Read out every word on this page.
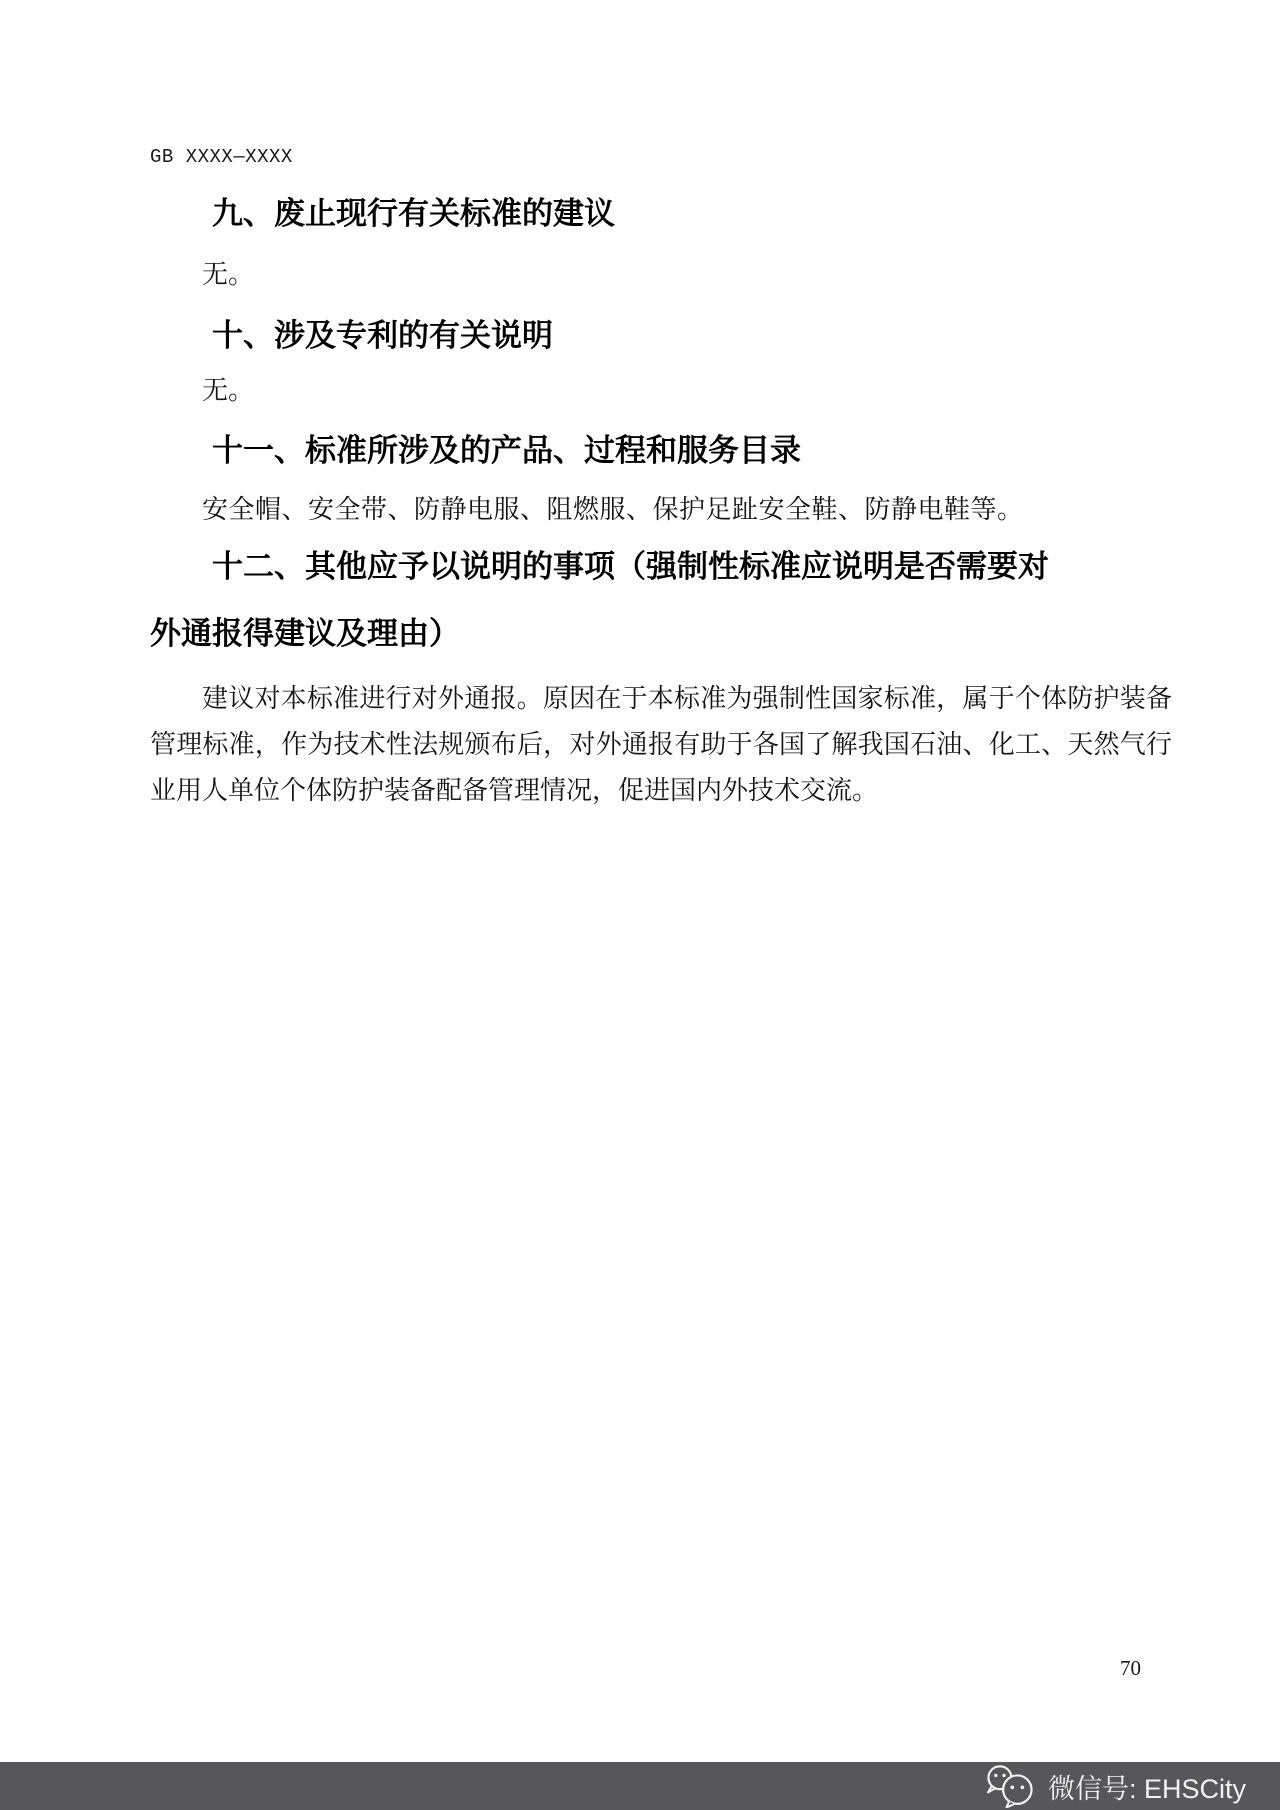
GB XXXX—XXXX
九、废止现行有关标准的建议

无。

十、涉及专利的有关说明

无。

十一、标准所涉及的产品、过程和服务目录

安全帽、安全带、防静电服、阻燃服、保护足趾安全鞋、防静电鞋等。

十二、其他应予以说明的事项（强制性标准应说明是否需要对
外通报得建议及理由）

建议对本标准进行对外通报。原因在于本标准为强制性国家标准，属于个体防护装备管理标准，作为技术性法规颁布后，对外通报有助于各国了解我国石油、化工、天然气行业用人单位个体防护装备配备管理情况，促进国内外技术交流。

70
微信号: EHSCity
